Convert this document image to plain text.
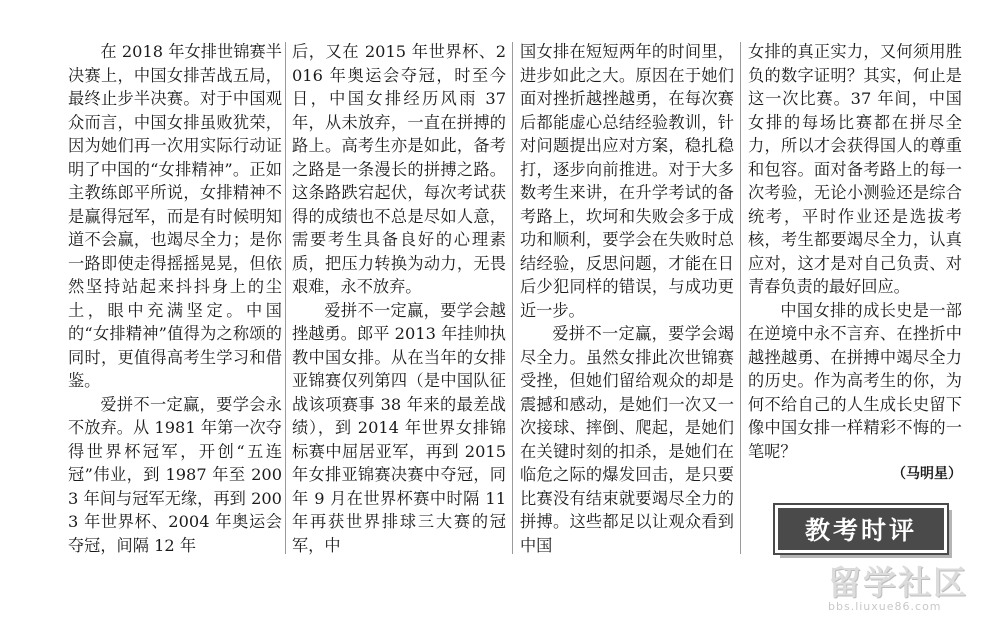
在 2018 年女排世锦赛半决赛上，中国女排苦战五局，最终止步半决赛。对于中国观众而言，中国女排虽败犹荣，因为她们再一次用实际行动证明了中国的“女排精神”。正如主教练郎平所说，女排精神不是赢得冠军，而是有时候明知道不会赢，也竭尽全力；是你一路即使走得摇摇晃晃，但依然坚持站起来抖抖身上的尘土，眼中充满坚定。中国的“女排精神”值得为之称颂的同时，更值得高考生学习和借鉴。

爱拼不一定赢，要学会永不放弃。从 1981 年第一次夺得世界杯冠军，开创“五连冠”伟业，到 1987 年至 2003 年间与冠军无缘，再到 2003 年世界杯、2004 年奥运会夺冠，间隔 12 年

后，又在 2015 年世界杯、2016 年奥运会夺冠，时至今日，中国女排经历风雨 37 年，从未放弃，一直在拼搏的路上。高考生亦是如此，备考之路是一条漫长的拼搏之路。这条路跌宕起伏，每次考试获得的成绩也不总是尽如人意，需要考生具备良好的心理素质，把压力转换为动力，无畏艰难，永不放弃。

爱拼不一定赢，要学会越挫越勇。郎平 2013 年挂帅执教中国女排。从在当年的女排亚锦赛仅列第四（是中国队征战该项赛事 38 年来的最差战绩），到 2014 年世界女排锦标赛中屈居亚军，再到 2015 年女排亚锦赛决赛中夺冠，同年 9 月在世界杯赛中时隔 11 年再获世界排球三大赛的冠军，中

国女排在短短两年的时间里，进步如此之大。原因在于她们面对挫折越挫越勇，在每次赛后都能虚心总结经验教训，针对问题提出应对方案，稳扎稳打，逐步向前推进。对于大多数考生来讲，在升学考试的备考路上，坎坷和失败会多于成功和顺利，要学会在失败时总结经验，反思问题，才能在日后少犯同样的错误，与成功更近一步。

爱拼不一定赢，要学会竭尽全力。虽然女排此次世锦赛受挫，但她们留给观众的却是震撼和感动，是她们一次又一次接球、摔倒、爬起，是她们在关键时刻的扣杀，是她们在临危之际的爆发回击，是只要比赛没有结束就要竭尽全力的拼搏。这些都足以让观众看到中国

女排的真正实力，又何须用胜负的数字证明？其实，何止是这一次比赛。37 年间，中国女排的每场比赛都在拼尽全力，所以才会获得国人的尊重和包容。面对备考路上的每一次考验，无论小测验还是综合统考，平时作业还是选拔考核，考生都要竭尽全力，认真应对，这才是对自己负责、对青春负责的最好回应。

中国女排的成长史是一部在逆境中永不言弃、在挫折中越挫越勇、在拼搏中竭尽全力的历史。作为高考生的你，为何不给自己的人生成长史留下像中国女排一样精彩不悔的一笔呢？

（马明星）

教考时评
留学社区
bbs.liuxue86.com
